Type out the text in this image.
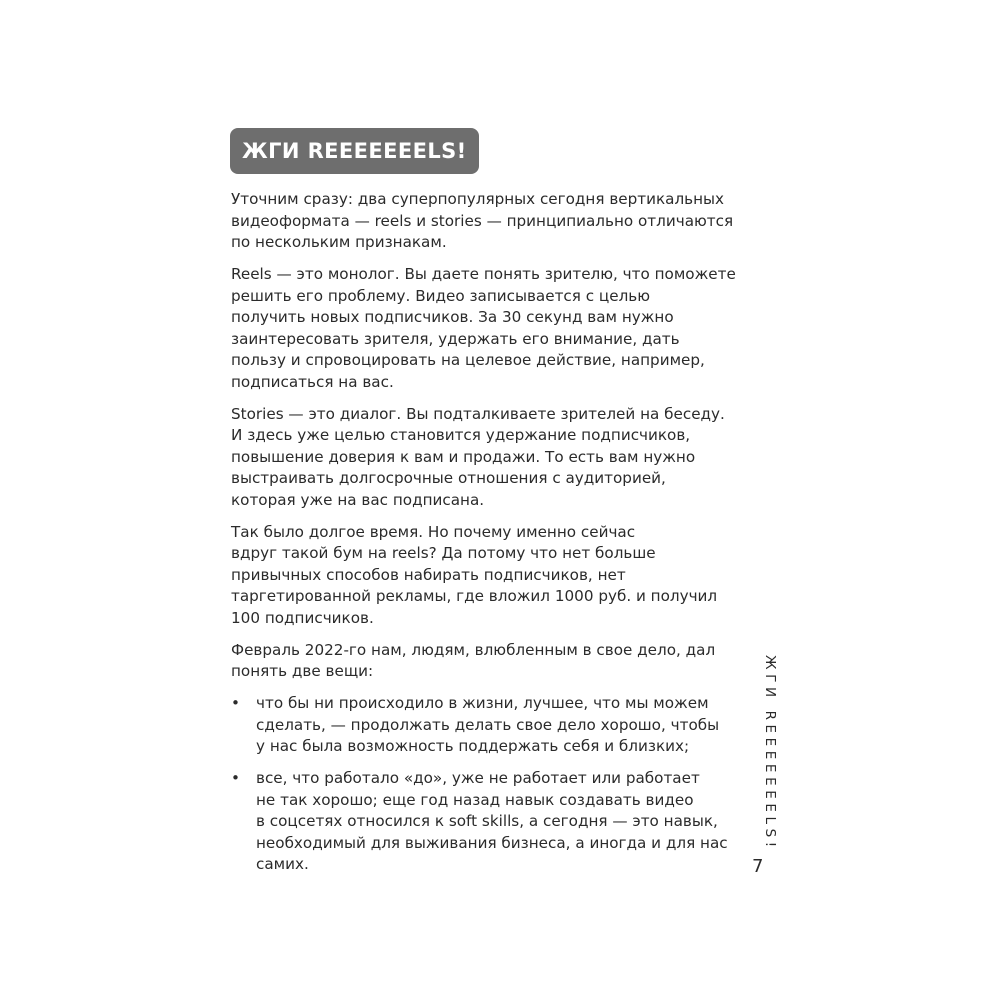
ЖГИ REEEEEEELS!

Уточним сразу: два суперпопулярных сегодня вертикальных
видеоформата — reels и stories — принципиально отличаются
по нескольким признакам.

Reels — это монолог. Вы даете понять зрителю, что поможете
решить его проблему. Видео записывается с целью
получить новых подписчиков. За 30 секунд вам нужно
заинтересовать зрителя, удержать его внимание, дать
пользу и спровоцировать на целевое действие, например,
подписаться на вас.

Stories — это диалог. Вы подталкиваете зрителей на беседу.
И здесь уже целью становится удержание подписчиков,
повышение доверия к вам и продажи. То есть вам нужно
выстраивать долгосрочные отношения с аудиторией,
которая уже на вас подписана.

Так было долгое время. Но почему именно сейчас
вдруг такой бум на reels? Да потому что нет больше
привычных способов набирать подписчиков, нет
таргетированной рекламы, где вложил 1000 руб. и получил
100 подписчиков.

Февраль 2022-го нам, людям, влюбленным в свое дело, дал
понять две вещи:

• что бы ни происходило в жизни, лучшее, что мы можем
сделать, — продолжать делать свое дело хорошо, чтобы
у нас была возможность поддержать себя и близких;
• все, что работало «до», уже не работает или работает
не так хорошо; еще год назад навык создавать видео
в соцсетях относился к soft skills, а сегодня — это навык,
необходимый для выживания бизнеса, а иногда и для нас
самих.
ЖГИ REEEEEEELS!
7
